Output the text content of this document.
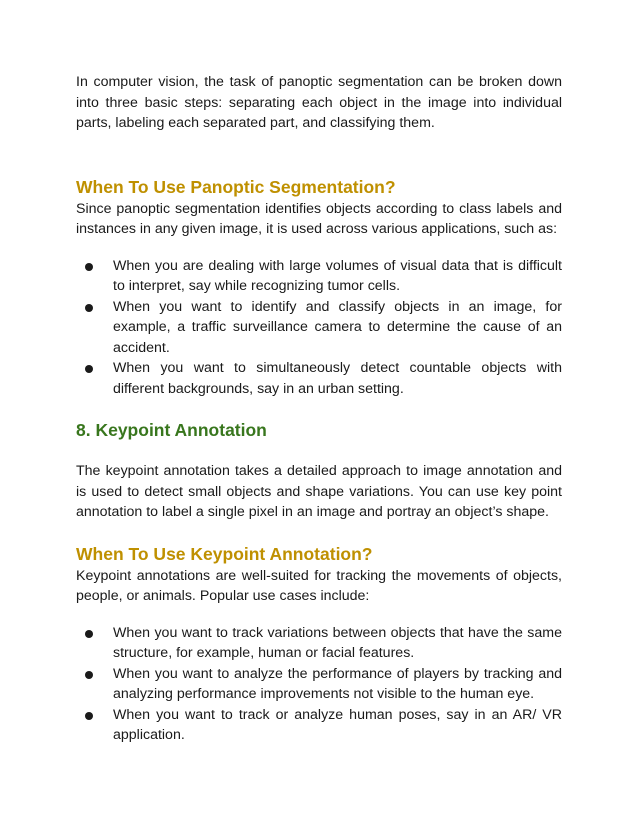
In computer vision, the task of panoptic segmentation can be broken down into three basic steps: separating each object in the image into individual parts, labeling each separated part, and classifying them.

When To Use Panoptic Segmentation?

Since panoptic segmentation identifies objects according to class labels and instances in any given image, it is used across various applications, such as:

When you are dealing with large volumes of visual data that is difficult to interpret, say while recognizing tumor cells.
When you want to identify and classify objects in an image, for example, a traffic surveillance camera to determine the cause of an accident.
When you want to simultaneously detect countable objects with different backgrounds, say in an urban setting.
8. Keypoint Annotation

The keypoint annotation takes a detailed approach to image annotation and is used to detect small objects and shape variations. You can use key point annotation to label a single pixel in an image and portray an object’s shape.

When To Use Keypoint Annotation?

Keypoint annotations are well-suited for tracking the movements of objects, people, or animals. Popular use cases include:

When you want to track variations between objects that have the same structure, for example, human or facial features.
When you want to analyze the performance of players by tracking and analyzing performance improvements not visible to the human eye.
When you want to track or analyze human poses, say in an AR/ VR application.
